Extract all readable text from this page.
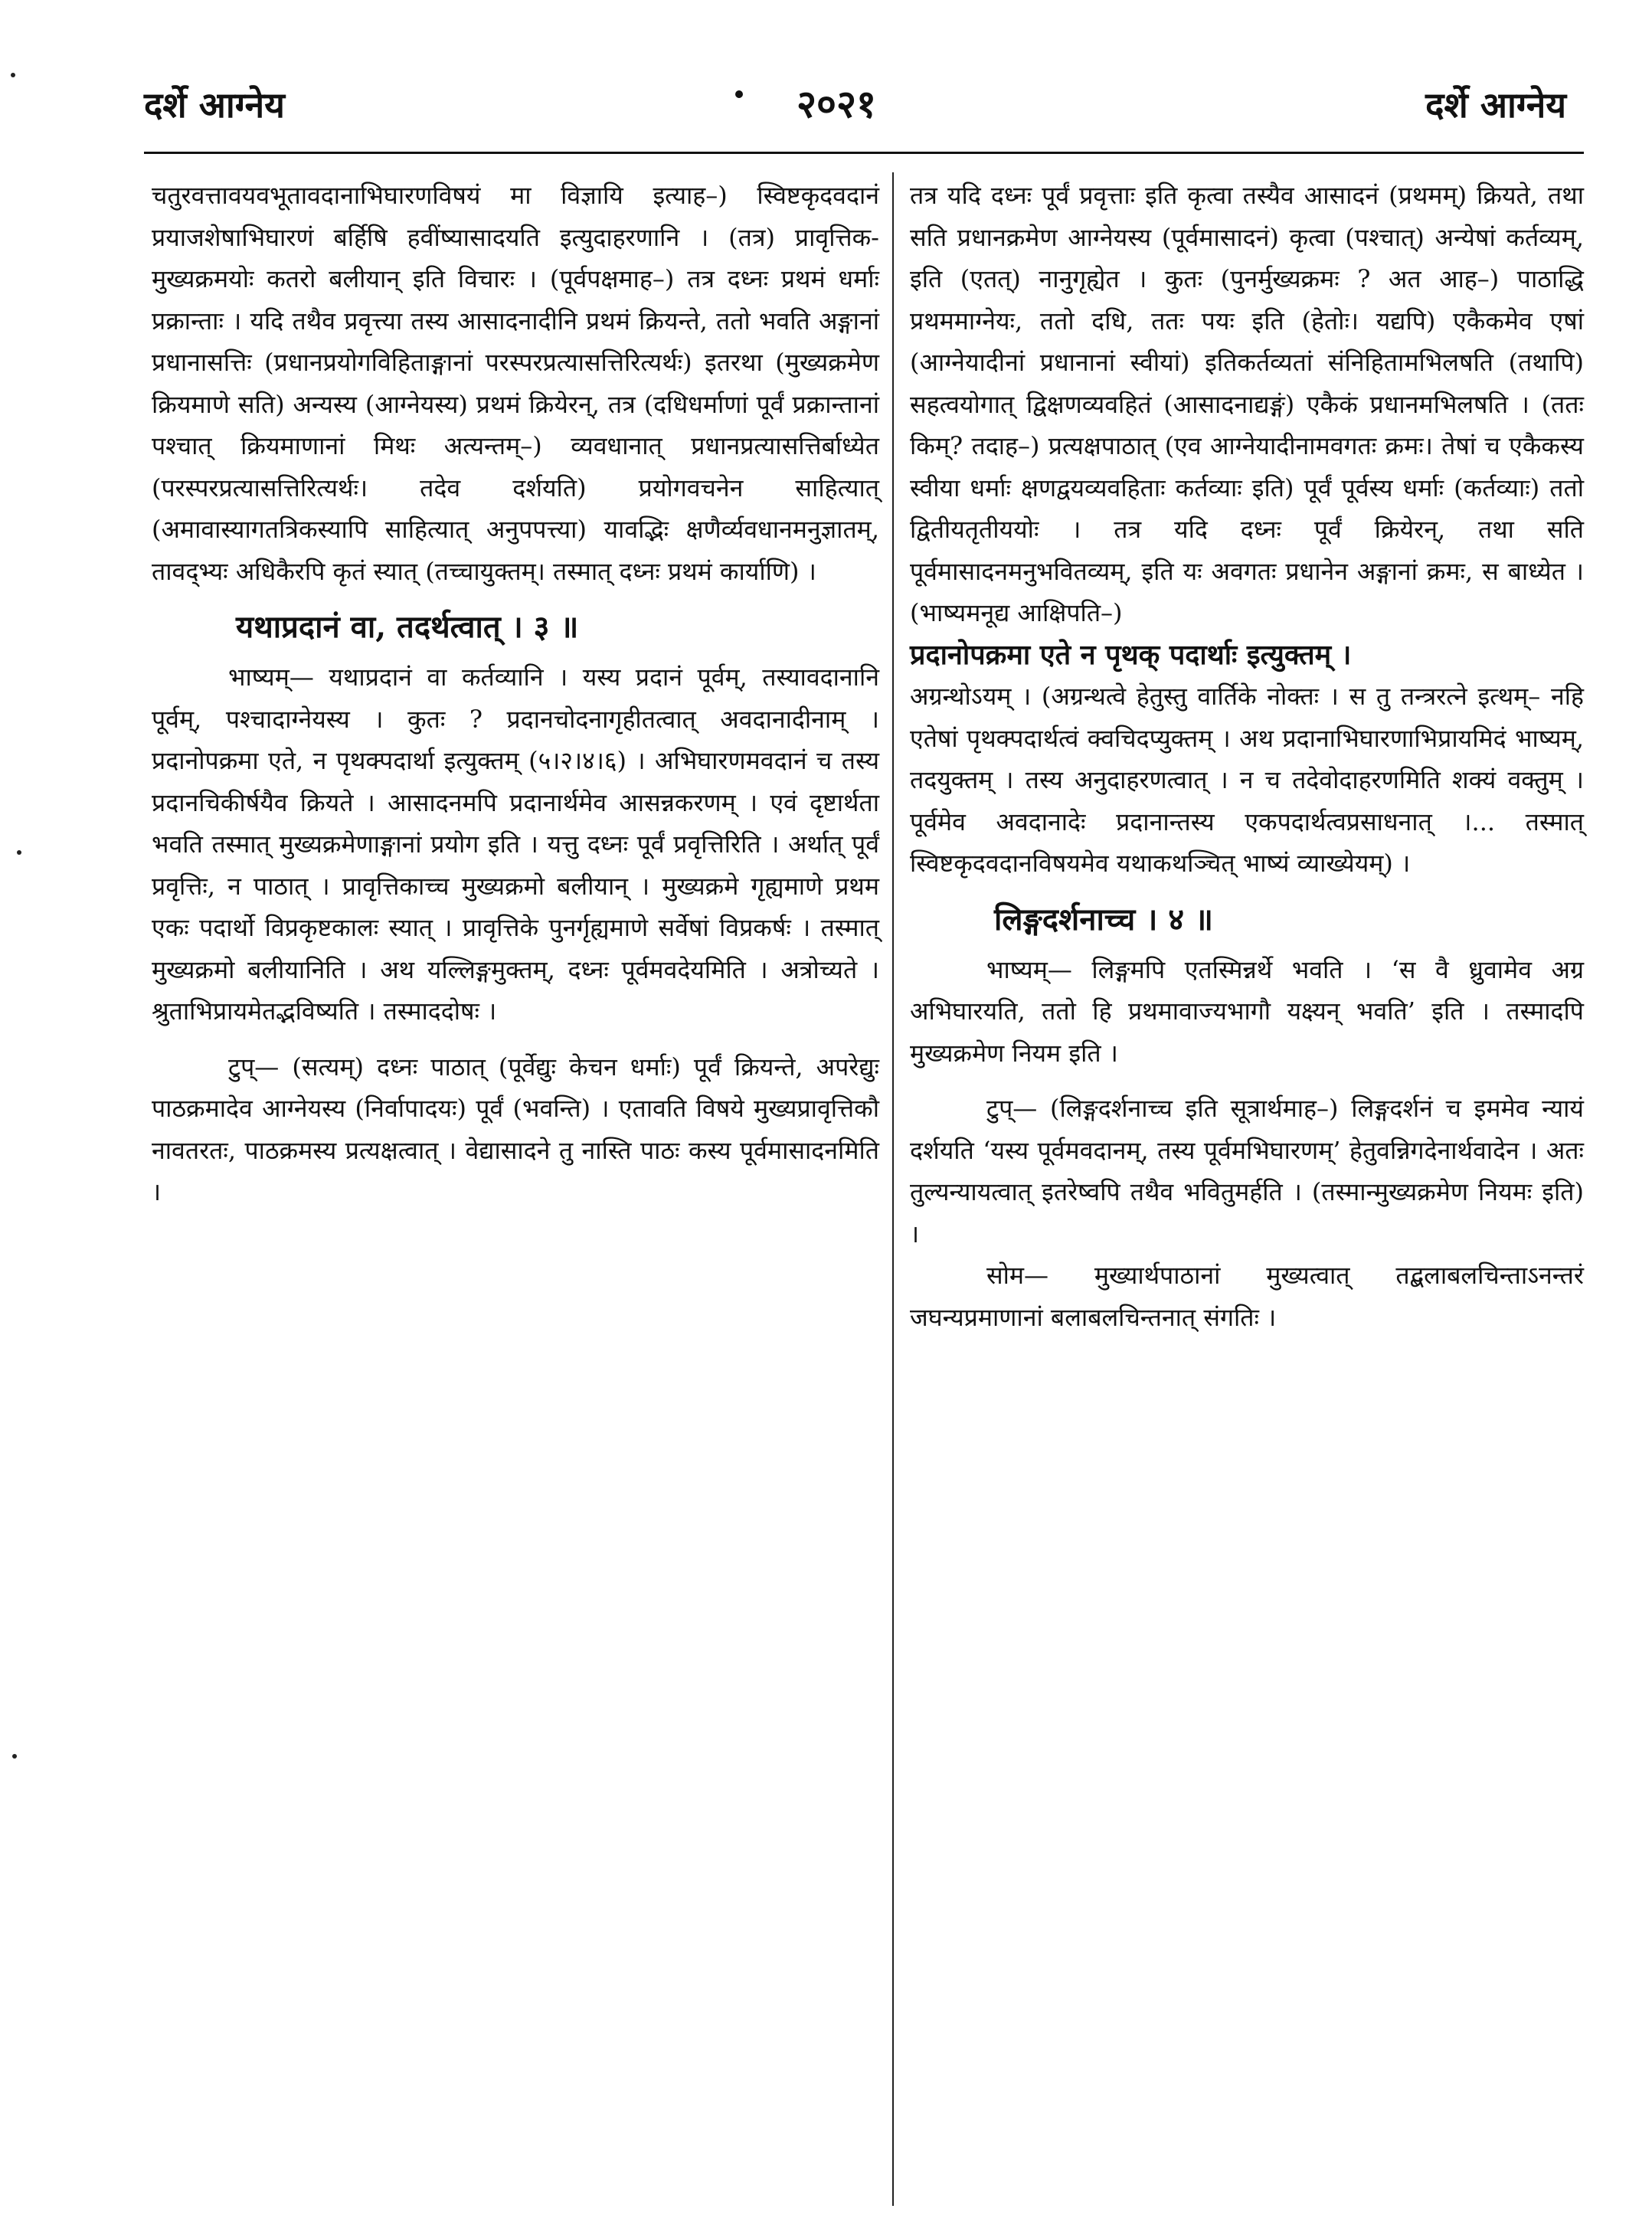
दर्शे आग्नेय	२०२१	दर्शे आग्नेय

चतुरवत्तावयवभूतावदानाभिघारणविषयं मा विज्ञायि इत्याह–) स्विष्टकृदवदानं प्रयाजशेषाभिघारणं बर्हिषि हवींष्यासादयति इत्युदाहरणानि । (तत्र) प्रावृत्तिक-मुख्यक्रमयोः कतरो बलीयान् इति विचारः । (पूर्वपक्षमाह–) तत्र दध्नः प्रथमं धर्माः प्रक्रान्ताः । यदि तथैव प्रवृत्त्या तस्य आसादनादीनि प्रथमं क्रियन्ते, ततो भवति अङ्गानां प्रधानासत्तिः (प्रधानप्रयोगविहिताङ्गानां परस्परप्रत्यासत्तिरित्यर्थः) इतरथा (मुख्यक्रमेण क्रियमाणे सति) अन्यस्य (आग्नेयस्य) प्रथमं क्रियेरन्, तत्र (दधिधर्माणां पूर्वं प्रक्रान्तानां पश्चात् क्रियमाणानां मिथः अत्यन्तम्–) व्यवधानात् प्रधानप्रत्यासत्तिर्बाध्येत (परस्परप्रत्यासत्तिरित्यर्थः। तदेव दर्शयति) प्रयोगवचनेन साहित्यात् (अमावास्यागतत्रिकस्यापि साहित्यात् अनुपपत्त्या) यावद्भिः क्षणैर्व्यवधानमनुज्ञातम्, तावद्भ्यः अधिकैरपि कृतं स्यात् (तच्चायुक्तम्। तस्मात् दध्नः प्रथमं कार्याणि) ।

यथाप्रदानं वा, तदर्थत्वात् । ३ ॥

भाष्यम्— यथाप्रदानं वा कर्तव्यानि । यस्य प्रदानं पूर्वम्, तस्यावदानानि पूर्वम्, पश्चादाग्नेयस्य । कुतः ? प्रदानचोदनागृहीतत्वात् अवदानादीनाम् । प्रदानोपक्रमा एते, न पृथक्पदार्था इत्युक्तम् (५।२।४।६) । अभिघारणमवदानं च तस्य प्रदानचिकीर्षयैव क्रियते । आसादनमपि प्रदानार्थमेव आसन्नकरणम् । एवं दृष्टार्थता भवति तस्मात् मुख्यक्रमेणाङ्गानां प्रयोग इति । यत्तु दध्नः पूर्वं प्रवृत्तिरिति । अर्थात् पूर्वं प्रवृत्तिः, न पाठात् । प्रावृत्तिकाच्च मुख्यक्रमो बलीयान् । मुख्यक्रमे गृह्यमाणे प्रथम एकः पदार्थो विप्रकृष्टकालः स्यात् । प्रावृत्तिके पुनर्गृह्यमाणे सर्वेषां विप्रकर्षः । तस्मात् मुख्यक्रमो बलीयानिति । अथ यल्लिङ्गमुक्तम्, दध्नः पूर्वमवदेयमिति । अत्रोच्यते । श्रुताभिप्रायमेतद्भविष्यति । तस्माददोषः ।

टुप्— (सत्यम्) दध्नः पाठात् (पूर्वेद्युः केचन धर्माः) पूर्वं क्रियन्ते, अपरेद्युः पाठक्रमादेव आग्नेयस्य (निर्वापादयः) पूर्वं (भवन्ति) । एतावति विषये मुख्यप्रावृत्तिकौ नावतरतः, पाठक्रमस्य प्रत्यक्षत्वात् । वेद्यासादने तु नास्ति पाठः कस्य पूर्वमासादनमिति ।

तत्र यदि दध्नः पूर्वं प्रवृत्ताः इति कृत्वा तस्यैव आसादनं (प्रथमम्) क्रियते, तथा सति प्रधानक्रमेण आग्नेयस्य (पूर्वमासादनं) कृत्वा (पश्चात्) अन्येषां कर्तव्यम्, इति (एतत्) नानुगृह्येत । कुतः (पुनर्मुख्यक्रमः ? अत आह–) पाठाद्धि प्रथममाग्नेयः, ततो दधि, ततः पयः इति (हेतोः। यद्यपि) एकैकमेव एषां (आग्नेयादीनां प्रधानानां स्वीयां) इतिकर्तव्यतां संनिहितामभिलषति (तथापि) सहत्वयोगात् द्विक्षणव्यवहितं (आसादनाद्यङ्गं) एकैकं प्रधानमभिलषति । (ततः किम्? तदाह–) प्रत्यक्षपाठात् (एव आग्नेयादीनामवगतः क्रमः। तेषां च एकैकस्य स्वीया धर्माः क्षणद्वयव्यवहिताः कर्तव्याः इति) पूर्वं पूर्वस्य धर्माः (कर्तव्याः) ततो द्वितीयतृतीययोः । तत्र यदि दध्नः पूर्वं क्रियेरन्, तथा सति पूर्वमासादनमनुभवितव्यम्, इति यः अवगतः प्रधानेन अङ्गानां क्रमः, स बाध्येत । (भाष्यमनूद्य आक्षिपति–)

प्रदानोपक्रमा एते न पृथक् पदार्थाः इत्युक्तम् ।

अग्रन्थोऽयम् । (अग्रन्थत्वे हेतुस्तु वार्तिके नोक्तः । स तु तन्त्ररत्ने इत्थम्– नहि एतेषां पृथक्पदार्थत्वं क्वचिदप्युक्तम् । अथ प्रदानाभिघारणाभिप्रायमिदं भाष्यम्, तदयुक्तम् । तस्य अनुदाहरणत्वात् । न च तदेवोदाहरणमिति शक्यं वक्तुम् । पूर्वमेव अवदानादेः प्रदानान्तस्य एकपदार्थत्वप्रसाधनात् ।... तस्मात् स्विष्टकृदवदानविषयमेव यथाकथञ्चित् भाष्यं व्याख्येयम्) ।

लिङ्गदर्शनाच्च । ४ ॥

भाष्यम्— लिङ्गमपि एतस्मिन्नर्थे भवति । ‘स वै ध्रुवामेव अग्र अभिघारयति, ततो हि प्रथमावाज्यभागौ यक्ष्यन् भवति’ इति । तस्मादपि मुख्यक्रमेण नियम इति ।

टुप्— (लिङ्गदर्शनाच्च इति सूत्रार्थमाह–) लिङ्गदर्शनं च इममेव न्यायं दर्शयति ‘यस्य पूर्वमवदानम्, तस्य पूर्वमभिघारणम्’ हेतुवन्निगदेनार्थवादेन । अतः तुल्यन्यायत्वात् इतरेष्वपि तथैव भवितुमर्हति । (तस्मान्मुख्यक्रमेण नियमः इति) ।

सोम— मुख्यार्थपाठानां मुख्यत्वात् तद्बलाबलचिन्ताऽनन्तरं जघन्यप्रमाणानां बलाबलचिन्तनात् संगतिः ।
